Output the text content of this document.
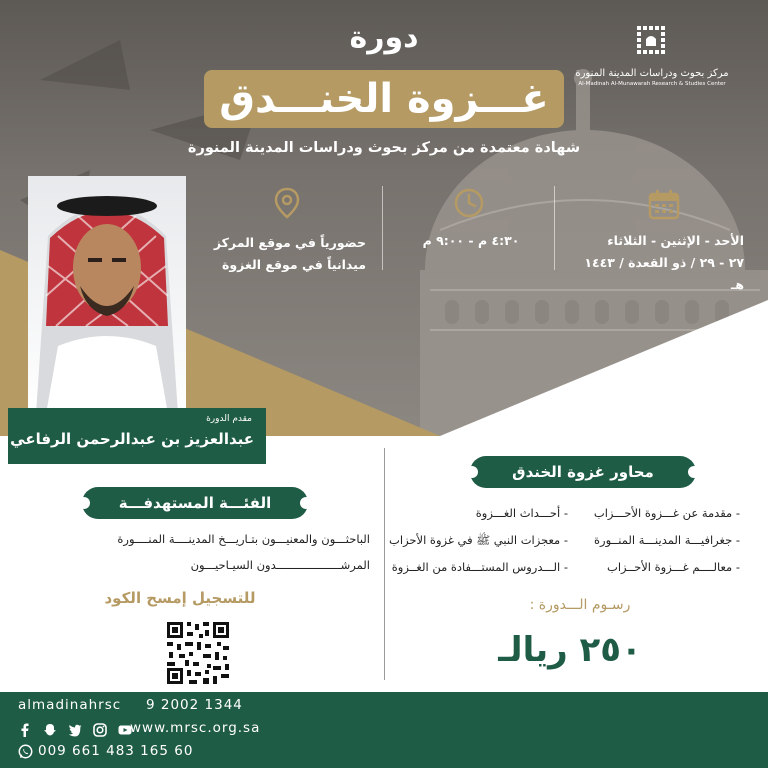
مركز بحوث ودراسات المدينة المنورة
Al-Madinah Al-Munawarah Research & Studies Center
دورة
غـــزوة الخنـــدق
شهادة معتمدة من مركز بحوث ودراسات المدينة المنورة
الأحد - الإثنين - الثلاثاء
٢٧ - ٢٩ / ذو القعدة / ١٤٤٣ هـ
٤:٣٠ م - ٩:٠٠ م
حضورياً في موقع المركز
ميدانياً في موقع الغزوة
مقدم الدورة
عبدالعزيز بن عبدالرحمن الرفاعي
محاور غزوة الخندق
الفئـــة المستهدفـــة
- مقدمة عن غـــزوة الأحـــزاب
- جغرافيـــة المدينـــة المنــورة
- معالــــم غـــزوة الأحــزاب
- أحـــداث الغـــزوة
- معجزات النبي ﷺ في غزوة الأحزاب
- الـــدروس المستـــفادة من الغــزوة
الباحثـــون والمعنيـــون بتـاريـــخ المدينــــة المنــــورة
المرشـــــــــــــــــــدون السيـاحيـــون
للتسجيل إمسح الكود	رسـوم الـــدورة :
٢٥٠ ريالـ
almadinahrsc 9 2002 1344

www.mrsc.org.sa
009 661 483 165 60
